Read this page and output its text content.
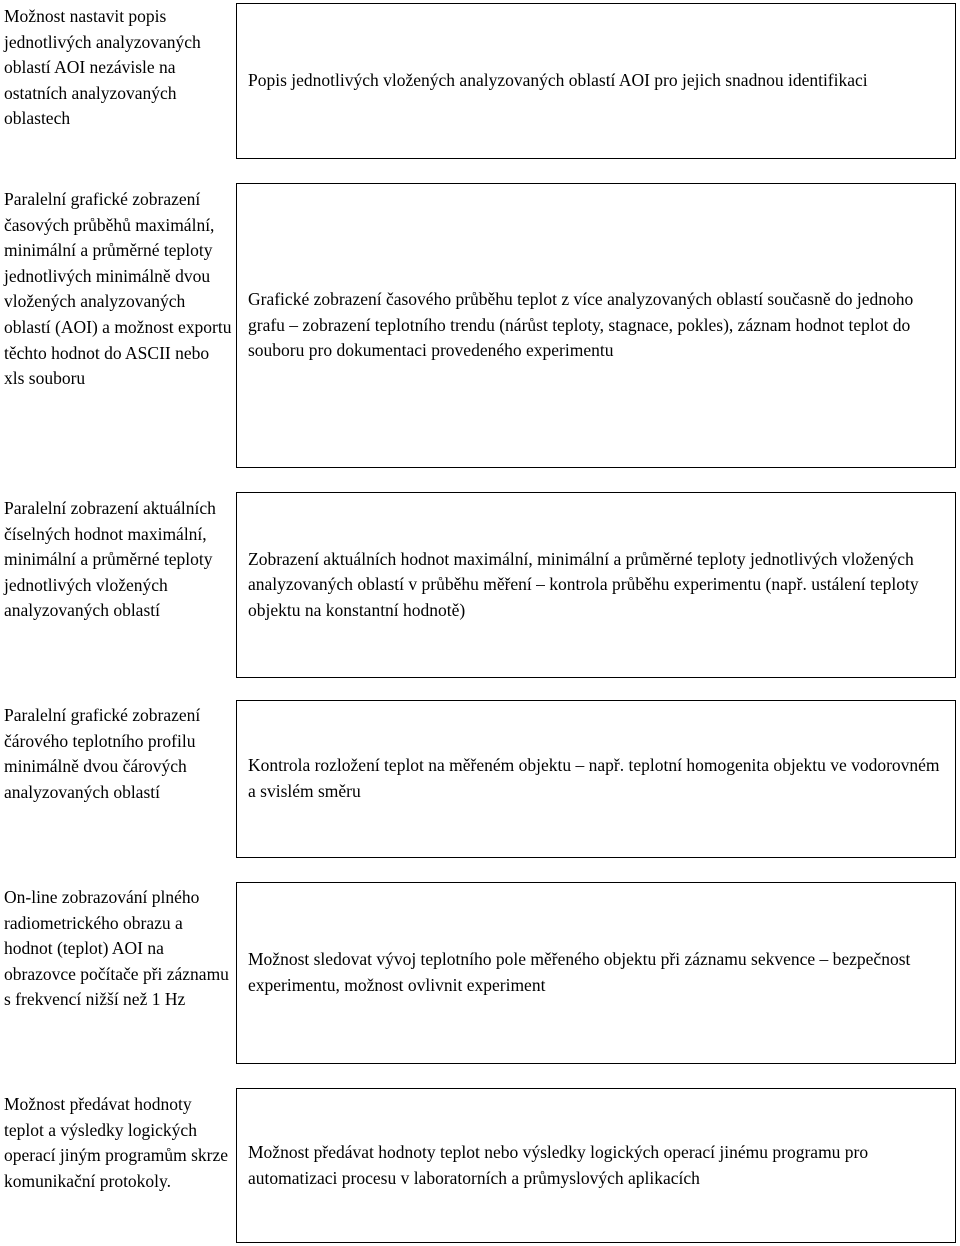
Možnost nastavit popis jednotlivých analyzovaných oblastí AOI nezávisle na ostatních analyzovaných oblastech
Popis jednotlivých vložených analyzovaných oblastí AOI pro jejich snadnou identifikaci
Paralelní grafické zobrazení časových průběhů maximální, minimální a průměrné teploty jednotlivých minimálně dvou vložených analyzovaných oblastí (AOI) a možnost exportu těchto hodnot do ASCII nebo xls souboru
Grafické zobrazení časového průběhu teplot z více analyzovaných oblastí současně do jednoho grafu – zobrazení teplotního trendu (nárůst teploty, stagnace, pokles), záznam hodnot teplot do souboru pro dokumentaci provedeného experimentu
Paralelní zobrazení aktuálních číselných hodnot maximální, minimální a průměrné teploty jednotlivých vložených analyzovaných oblastí
Zobrazení aktuálních hodnot maximální, minimální a průměrné teploty jednotlivých vložených analyzovaných oblastí v průběhu měření – kontrola průběhu experimentu (např. ustálení teploty objektu na konstantní hodnotě)
Paralelní grafické zobrazení čárového teplotního profilu minimálně dvou čárových analyzovaných oblastí
Kontrola rozložení teplot na měřeném objektu – např. teplotní homogenita objektu ve vodorovném a svislém směru
On-line zobrazování plného radiometrického obrazu a hodnot (teplot) AOI na obrazovce počítače při záznamu s frekvencí nižší než 1 Hz
Možnost sledovat vývoj teplotního pole měřeného objektu při záznamu sekvence – bezpečnost experimentu, možnost ovlivnit experiment
Možnost předávat hodnoty teplot a výsledky logických operací jiným programům skrze komunikační protokoly.
Možnost předávat hodnoty teplot nebo výsledky logických operací jinému programu pro automatizaci procesu v laboratorních a průmyslových aplikacích
